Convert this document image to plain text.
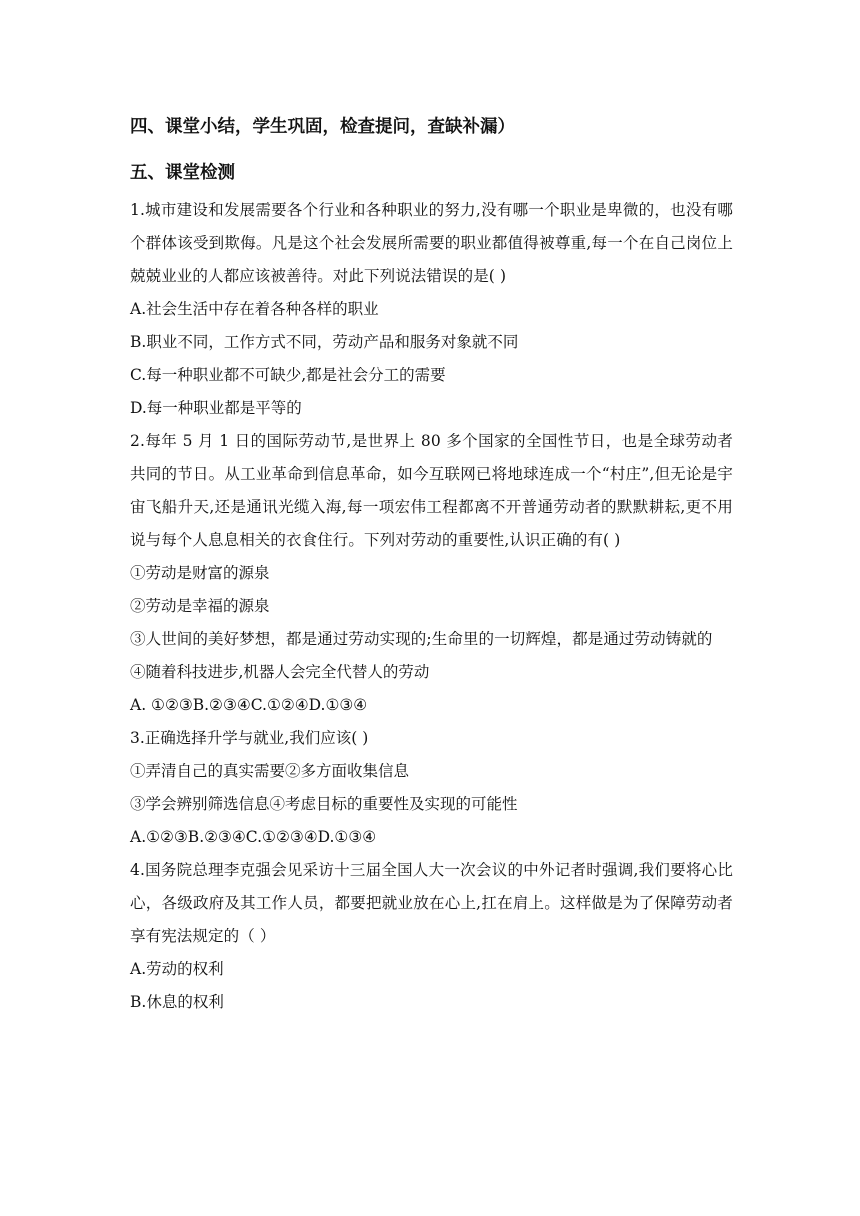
四、课堂小结，学生巩固，检查提问，查缺补漏）

五、课堂检测

1.城市建设和发展需要各个行业和各种职业的努力,没有哪一个职业是卑微的，也没有哪个群体该受到欺侮。凡是这个社会发展所需要的职业都值得被尊重,每一个在自己岗位上兢兢业业的人都应该被善待。对此下列说法错误的是( )

A.社会生活中存在着各种各样的职业

B.职业不同，工作方式不同，劳动产品和服务对象就不同

C.每一种职业都不可缺少,都是社会分工的需要

D.每一种职业都是平等的

2.每年 5 月 1 日的国际劳动节,是世界上 80 多个国家的全国性节日，也是全球劳动者共同的节日。从工业革命到信息革命，如今互联网已将地球连成一个“村庄”,但无论是宇宙飞船升天,还是通讯光缆入海,每一项宏伟工程都离不开普通劳动者的默默耕耘,更不用说与每个人息息相关的衣食住行。下列对劳动的重要性,认识正确的有( )

①劳动是财富的源泉

②劳动是幸福的源泉

③人世间的美好梦想，都是通过劳动实现的;生命里的一切辉煌，都是通过劳动铸就的

④随着科技进步,机器人会完全代替人的劳动

A. ①②③B.②③④C.①②④D.①③④

3.正确选择升学与就业,我们应该( )

①弄清自己的真实需要②多方面收集信息

③学会辨别筛选信息④考虑目标的重要性及实现的可能性

A.①②③B.②③④C.①②③④D.①③④

4.国务院总理李克强会见采访十三届全国人大一次会议的中外记者时强调,我们要将心比心，各级政府及其工作人员，都要把就业放在心上,扛在肩上。这样做是为了保障劳动者享有宪法规定的（ ）

A.劳动的权利

B.休息的权利
